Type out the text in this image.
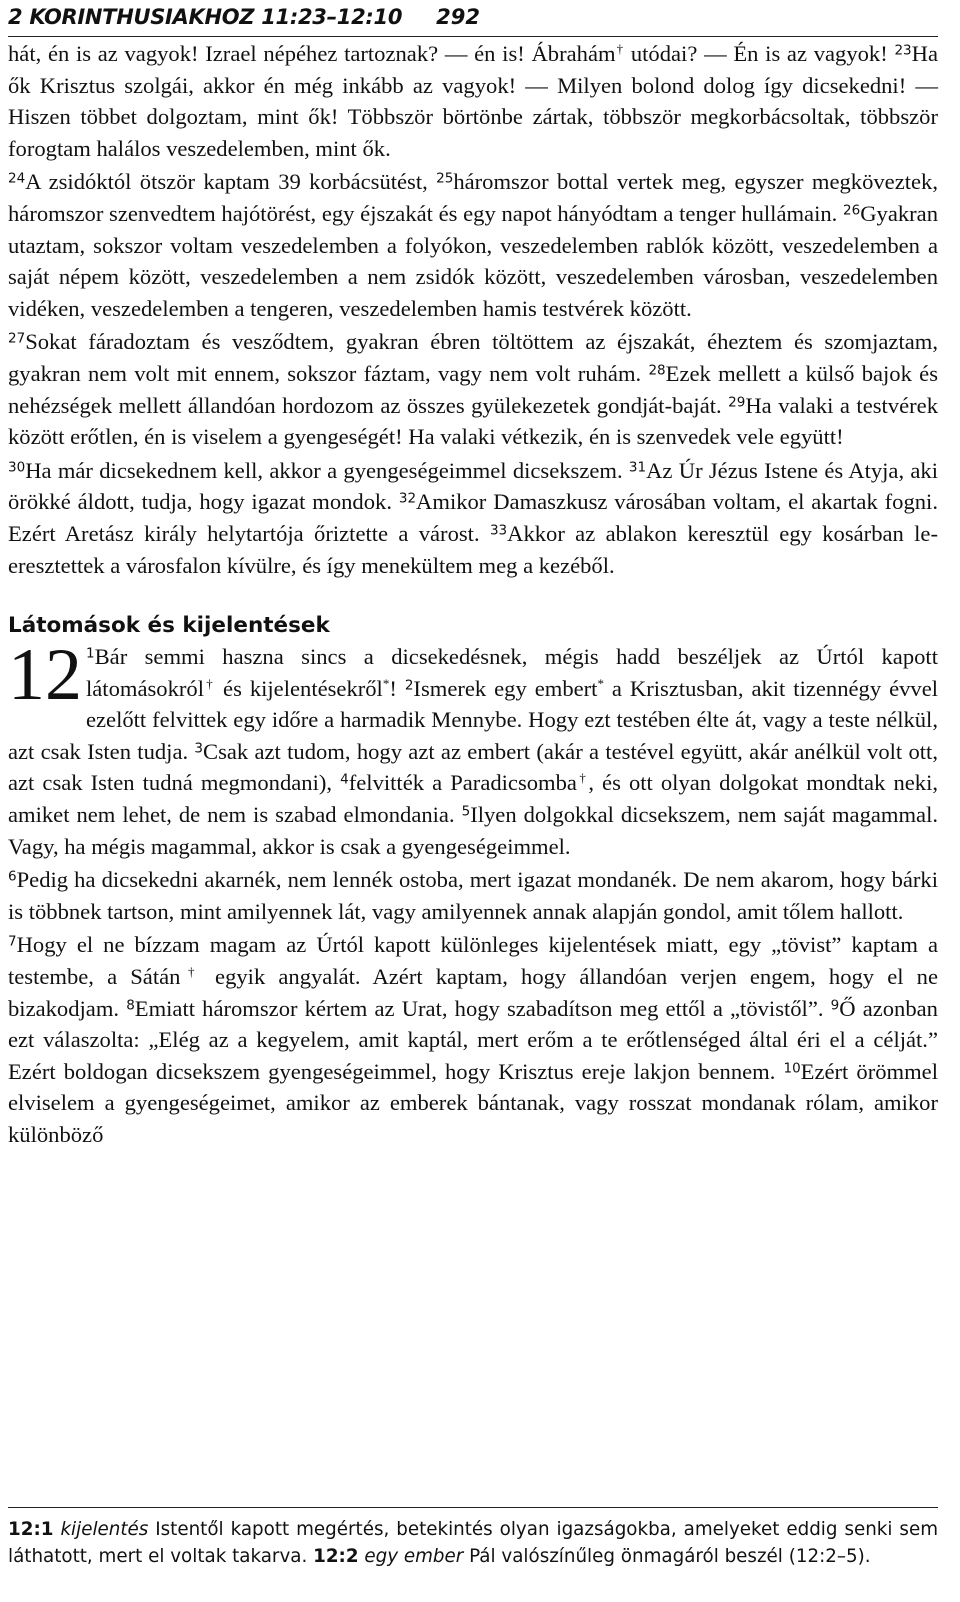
2 KORINTHUSIAKHOZ 11:23–12:10 292

hát, én is az vagyok! Izrael népéhez tartoznak? — én is! Ábrahám† utódai? — Én is az vagyok! $^{23}$Ha ők Krisztus szolgái, akkor én még inkább az vagyok! — Milyen bolond dolog így dicsekedni! — Hiszen többet dolgoztam, mint ők! Többször börtönbe zártak, többször megkorbácsoltak, többször forogtam halálos veszedelemben, mint ők.

$^{24}$A zsidóktól ötször kaptam 39 korbácsütést, $^{25}$háromszor bottal vertek meg, egyszer megköveztek, háromszor szenvedtem hajótörést, egy éjszakát és egy napot hányódtam a tenger hullámain. $^{26}$Gyakran utaztam, sokszor voltam veszedelemben a folyókon, veszedelemben rablók között, veszedelemben a saját népem között, veszedelemben a nem zsidók között, veszedelemben városban, veszedelemben vidéken, veszedelemben a tengeren, veszedelemben hamis testvérek között.

$^{27}$Sokat fáradoztam és vesződtem, gyakran ébren töltöttem az éjszakát, éheztem és szomjaztam, gyakran nem volt mit ennem, sokszor fáztam, vagy nem volt ruhám. $^{28}$Ezek mellett a külső bajok és nehézségek mellett állandóan hordozom az összes gyülekezetek gondját-baját. $^{29}$Ha valaki a testvérek között erőtlen, én is viselem a gyengeségét! Ha valaki vétkezik, én is szenvedek vele együtt!

$^{30}$Ha már dicsekednem kell, akkor a gyengeségeimmel dicsekszem. $^{31}$Az Úr Jézus Istene és Atyja, aki örökké áldott, tudja, hogy igazat mondok. $^{32}$Amikor Damaszkusz városában voltam, el akartak fogni. Ezért Aretász király helytartója őriztette a várost. $^{33}$Akkor az ablakon keresztül egy kosárban leeresztettek a városfalon kívülre, és így menekültem meg a kezéből.

Látomások és kijelentések

12 $^1$Bár semmi haszna sincs a dicsekedésnek, mégis hadd beszéljek az Úrtól kapott látomásokról† és kijelentésekről*! $^2$Ismerek egy embert* a Krisztusban, akit tizennégy évvel ezelőtt felvittek egy időre a harmadik Mennybe. Hogy ezt testében élte át, vagy a teste nélkül, azt csak Isten tudja. $^3$Csak azt tudom, hogy azt az embert (akár a testével együtt, akár anélkül volt ott, azt csak Isten tudná megmondani), $^4$felvitték a Paradicsomba†, és ott olyan dolgokat mondtak neki, amiket nem lehet, de nem is szabad elmondania. $^5$Ilyen dolgokkal dicsekszem, nem saját magammal. Vagy, ha mégis magammal, akkor is csak a gyengeségeimmel.

$^6$Pedig ha dicsekedni akarnék, nem lennék ostoba, mert igazat mondanék. De nem akarom, hogy bárki is többnek tartson, mint amilyennek lát, vagy amilyennek annak alapján gondol, amit tőlem hallott.

$^7$Hogy el ne bízzam magam az Úrtól kapott különleges kijelentések miatt, egy „tövist” kaptam a testembe, a Sátán† egyik angyalát. Azért kaptam, hogy állandóan verjen engem, hogy el ne bizakodjam. $^8$Emiatt háromszor kértem az Urat, hogy szabadítson meg ettől a „tövistől”. $^9$Ő azonban ezt válaszolta: „Elég az a kegyelem, amit kaptál, mert erőm a te erőtlenséged által éri el a célját.” Ezért boldogan dicsekszem gyengeségeimmel, hogy Krisztus ereje lakjon bennem. $^{10}$Ezért örömmel elviselem a gyengeségeimet, amikor az emberek bántanak, vagy rosszat mondanak rólam, amikor különböző

12:1 kijelentés Istentől kapott megértés, betekintés olyan igazságokba, amelyeket eddig senki sem láthatott, mert el voltak takarva. 12:2 egy ember Pál valószínűleg önmagáról beszél (12:2–5).
